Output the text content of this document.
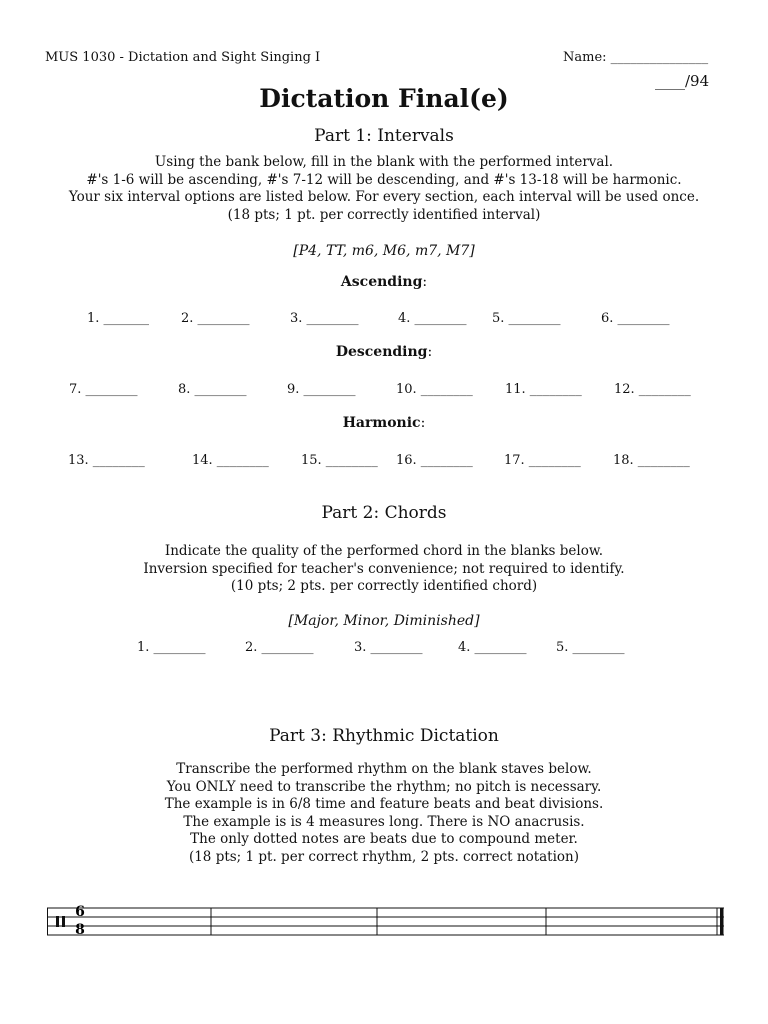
MUS 1030 - Dictation and Sight Singing I	Name: _______________
____/94
Dictation Final(e)
Part 1: Intervals
Using the bank below, fill in the blank with the performed interval.
#'s 1-6 will be ascending, #'s 7-12 will be descending, and #'s 13-18 will be harmonic.
Your six interval options are listed below. For every section, each interval will be used once.
(18 pts; 1 pt. per correctly identified interval)
[P4, TT, m6, M6, m7, M7]
Ascending:
1. _______ 2. ________	3. ________	4. ________ 5. ________	6. ________
Descending:
7. ________	8. ________	9. ________	10. ________ 11. ________ 12. ________
Harmonic:
13. ________	14. ________ 15. ________ 16. ________ 17. ________ 18. ________
Part 2: Chords
Indicate the quality of the performed chord in the blanks below.
Inversion specified for teacher's convenience; not required to identify.
(10 pts; 2 pts. per correctly identified chord)
[Major, Minor, Diminished]
1. ________	2. ________	3. ________	4. ________ 5. ________
Part 3: Rhythmic Dictation
Transcribe the performed rhythm on the blank staves below.
You ONLY need to transcribe the rhythm; no pitch is necessary.
The example is in 6/8 time and feature beats and beat divisions.
The example is is 4 measures long. There is NO anacrusis.
The only dotted notes are beats due to compound meter.
(18 pts; 1 pt. per correct rhythm, 2 pts. correct notation)
6
8
